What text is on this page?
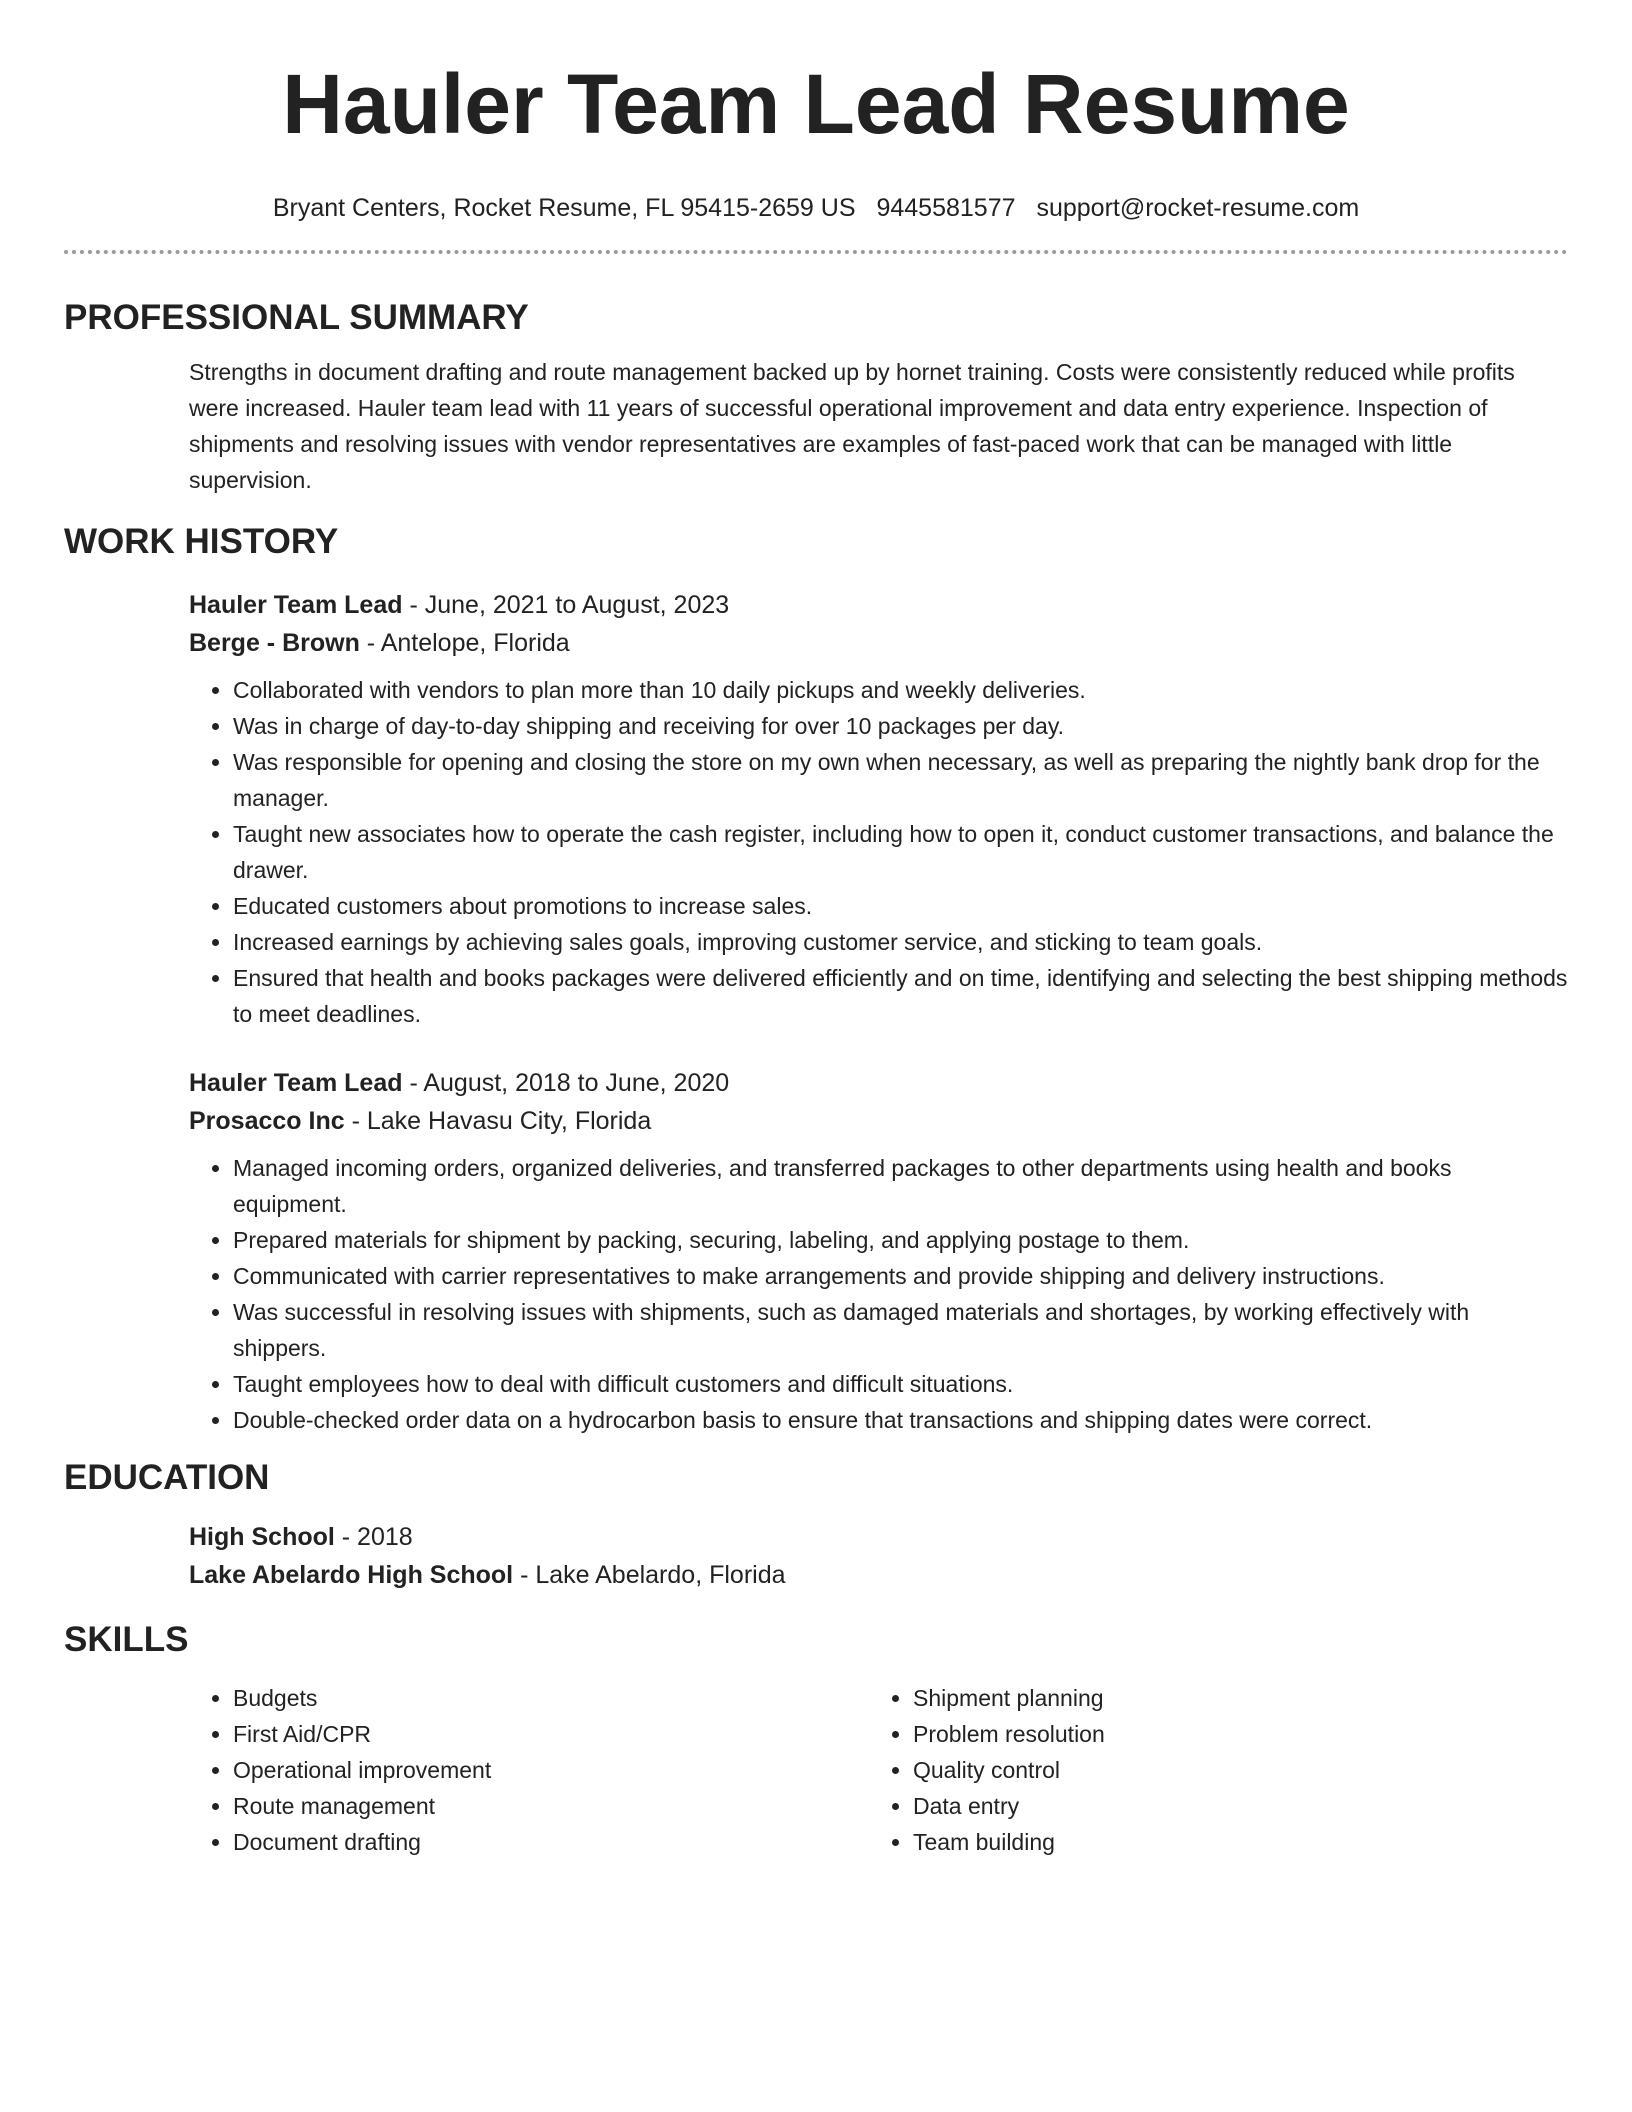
Hauler Team Lead Resume
Bryant Centers, Rocket Resume, FL 95415-2659 US 9445581577 support@rocket-resume.com
PROFESSIONAL SUMMARY

Strengths in document drafting and route management backed up by hornet training. Costs were consistently reduced while profits were increased. Hauler team lead with 11 years of successful operational improvement and data entry experience. Inspection of shipments and resolving issues with vendor representatives are examples of fast-paced work that can be managed with little supervision.

WORK HISTORY
Hauler Team Lead - June, 2021 to August, 2023
Berge - Brown - Antelope, Florida
• Collaborated with vendors to plan more than 10 daily pickups and weekly deliveries.
• Was in charge of day-to-day shipping and receiving for over 10 packages per day.
• Was responsible for opening and closing the store on my own when necessary, as well as preparing the nightly bank drop for the manager.
• Taught new associates how to operate the cash register, including how to open it, conduct customer transactions, and balance the drawer.
• Educated customers about promotions to increase sales.
• Increased earnings by achieving sales goals, improving customer service, and sticking to team goals.
• Ensured that health and books packages were delivered efficiently and on time, identifying and selecting the best shipping methods to meet deadlines.
Hauler Team Lead - August, 2018 to June, 2020
Prosacco Inc - Lake Havasu City, Florida
• Managed incoming orders, organized deliveries, and transferred packages to other departments using health and books equipment.
• Prepared materials for shipment by packing, securing, labeling, and applying postage to them.
• Communicated with carrier representatives to make arrangements and provide shipping and delivery instructions.
• Was successful in resolving issues with shipments, such as damaged materials and shortages, by working effectively with shippers.
• Taught employees how to deal with difficult customers and difficult situations.
• Double-checked order data on a hydrocarbon basis to ensure that transactions and shipping dates were correct.
EDUCATION
High School - 2018
Lake Abelardo High School - Lake Abelardo, Florida
SKILLS
• Budgets
• First Aid/CPR
• Operational improvement
• Route management
• Document drafting
• Shipment planning
• Problem resolution
• Quality control
• Data entry
• Team building
